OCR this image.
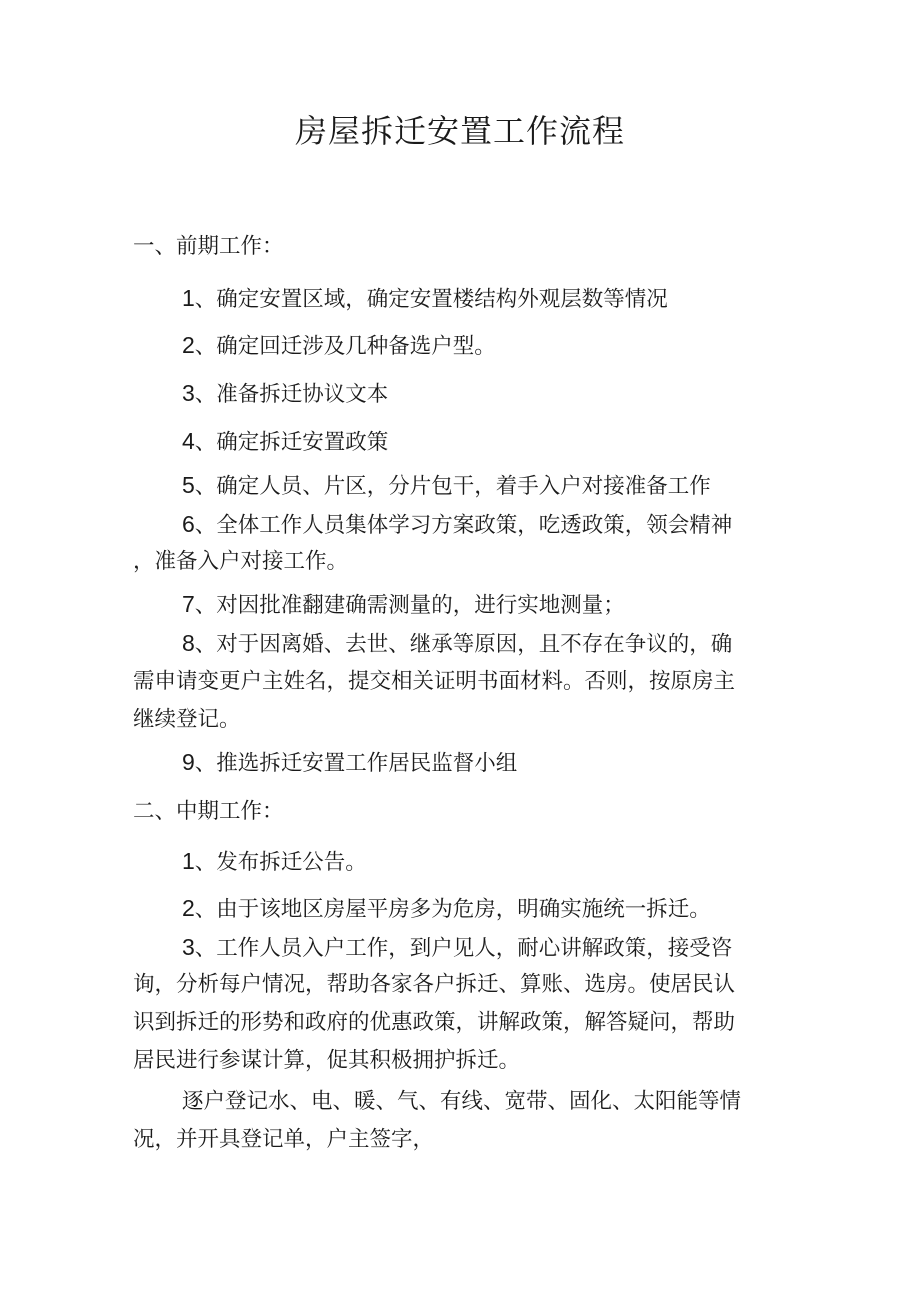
房屋拆迁安置工作流程
一、前期工作：
1、确定安置区域，确定安置楼结构外观层数等情况
2、确定回迁涉及几种备选户型。
3、准备拆迁协议文本
4、确定拆迁安置政策
5、确定人员、片区，分片包干，着手入户对接准备工作
6、全体工作人员集体学习方案政策，吃透政策，领会精神
，准备入户对接工作。
7、对因批准翻建确需测量的，进行实地测量；
8、对于因离婚、去世、继承等原因，且不存在争议的，确
需申请变更户主姓名，提交相关证明书面材料。否则，按原房主
继续登记。
9、推选拆迁安置工作居民监督小组
二、中期工作：
1、发布拆迁公告。
2、由于该地区房屋平房多为危房，明确实施统一拆迁。
3、工作人员入户工作，到户见人，耐心讲解政策，接受咨
询，分析每户情况，帮助各家各户拆迁、算账、选房。使居民认
识到拆迁的形势和政府的优惠政策，讲解政策，解答疑问，帮助
居民进行参谋计算，促其积极拥护拆迁。
逐户登记水、电、暖、气、有线、宽带、固化、太阳能等情
况，并开具登记单，户主签字，
